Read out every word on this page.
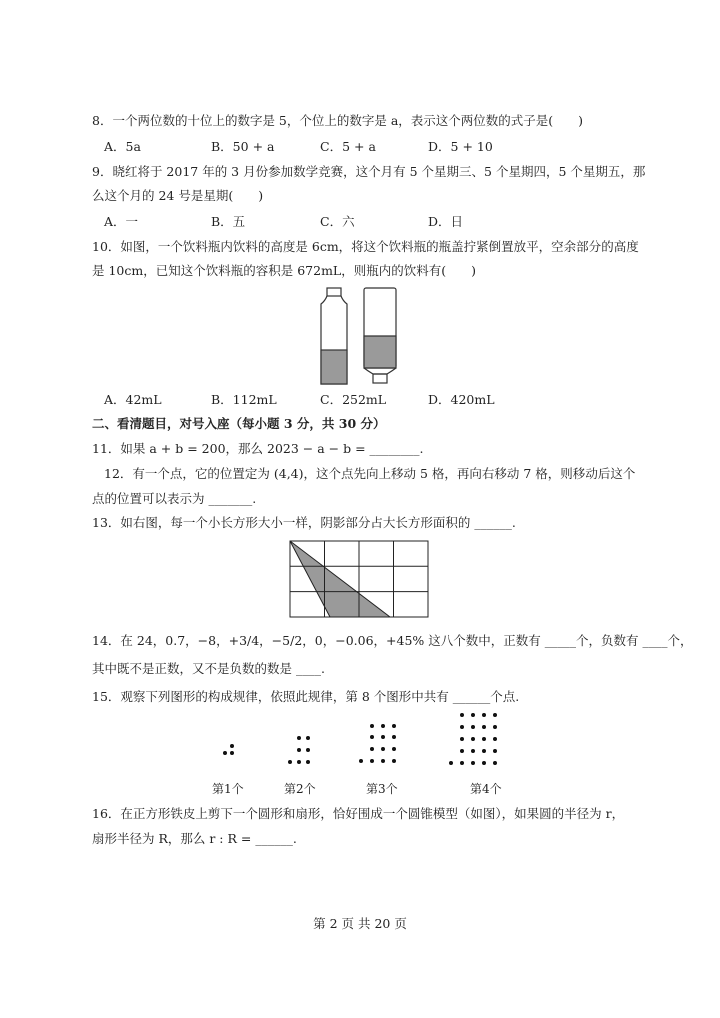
8．一个两位数的十位上的数字是 5，个位上的数字是 a，表示这个两位数的式子是(　　)
A．5a	B．50 + a	C．5 + a	D．5 + 10
9．晓红将于 2017 年的 3 月份参加数学竞赛，这个月有 5 个星期三、5 个星期四，5 个星期五，那
么这个月的 24 号是星期(　　)
A．一	B．五	C．六	D．日
10．如图，一个饮料瓶内饮料的高度是 6cm，将这个饮料瓶的瓶盖拧紧倒置放平，空余部分的高度
是 10cm，已知这个饮料瓶的容积是 672mL，则瓶内的饮料有(　　)
A．42mL	B．112mL	C．252mL	D．420mL
二、看清题目，对号入座（每小题 3 分，共 30 分）
11．如果 a + b = 200，那么 2023 − a − b = ________.
12．有一个点，它的位置定为 (4,4)，这个点先向上移动 5 格，再向右移动 7 格，则移动后这个
点的位置可以表示为 _______.
13．如右图，每一个小长方形大小一样，阴影部分占大长方形面积的 ______.
14．在 24，0.7，−8，+3/4，−5/2，0，−0.06，+45% 这八个数中，正数有 _____个，负数有 ____个，
其中既不是正数，又不是负数的数是 ____.
15．观察下列图形的构成规律，依照此规律，第 8 个图形中共有 ______个点.
第1个	第2个	第3个	第4个
16．在正方形铁皮上剪下一个圆形和扇形，恰好围成一个圆锥模型（如图），如果圆的半径为 r，
扇形半径为 R，那么 r : R = ______.
第 2 页 共 20 页
